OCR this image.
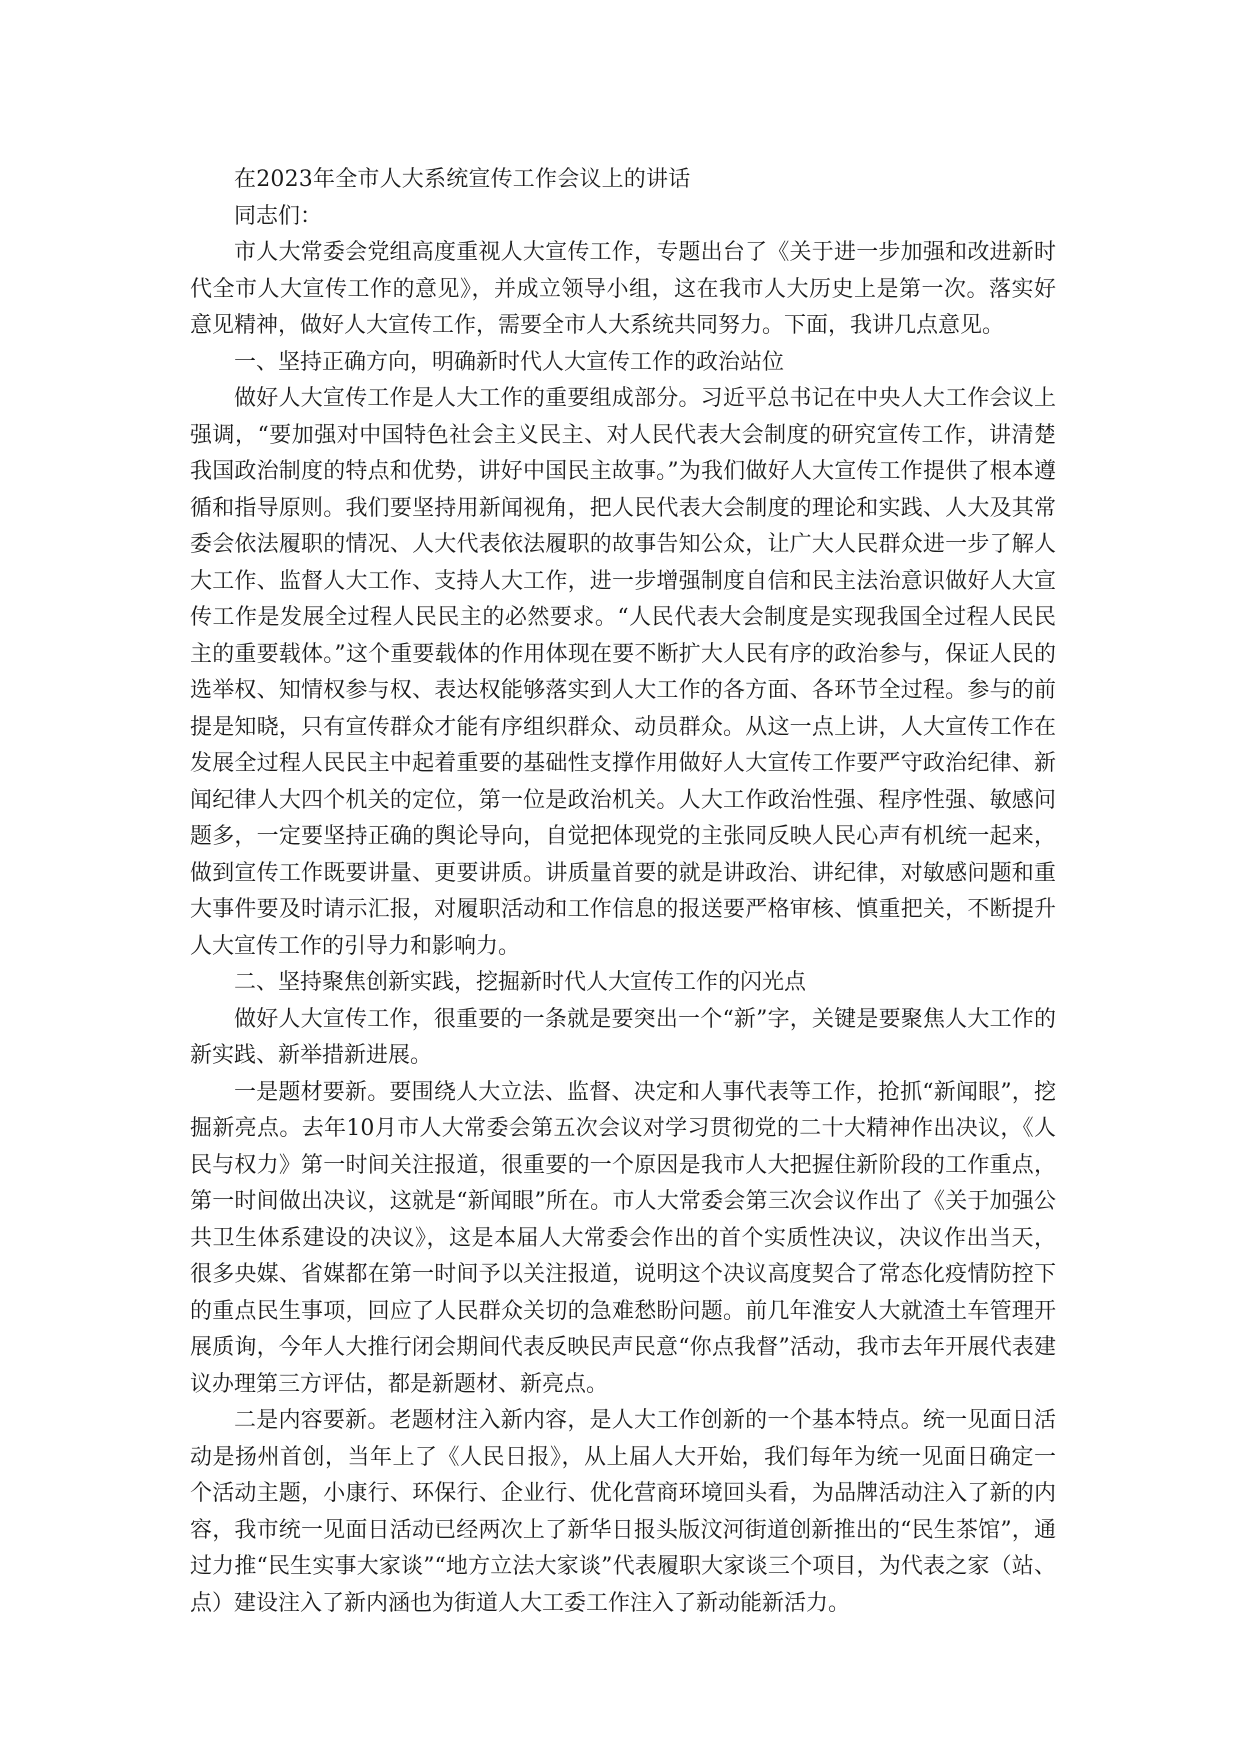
在2023年全市人大系统宣传工作会议上的讲话

同志们：

市人大常委会党组高度重视人大宣传工作，专题出台了《关于进一步加强和改进新时代全市人大宣传工作的意见》，并成立领导小组，这在我市人大历史上是第一次。落实好意见精神，做好人大宣传工作，需要全市人大系统共同努力。下面，我讲几点意见。

一、坚持正确方向，明确新时代人大宣传工作的政治站位

做好人大宣传工作是人大工作的重要组成部分。习近平总书记在中央人大工作会议上强调，“要加强对中国特色社会主义民主、对人民代表大会制度的研究宣传工作，讲清楚我国政治制度的特点和优势，讲好中国民主故事。”为我们做好人大宣传工作提供了根本遵循和指导原则。我们要坚持用新闻视角，把人民代表大会制度的理论和实践、人大及其常委会依法履职的情况、人大代表依法履职的故事告知公众，让广大人民群众进一步了解人大工作、监督人大工作、支持人大工作，进一步增强制度自信和民主法治意识做好人大宣传工作是发展全过程人民民主的必然要求。“人民代表大会制度是实现我国全过程人民民主的重要载体。”这个重要载体的作用体现在要不断扩大人民有序的政治参与，保证人民的选举权、知情权参与权、表达权能够落实到人大工作的各方面、各环节全过程。参与的前提是知晓，只有宣传群众才能有序组织群众、动员群众。从这一点上讲，人大宣传工作在发展全过程人民民主中起着重要的基础性支撑作用做好人大宣传工作要严守政治纪律、新闻纪律人大四个机关的定位，第一位是政治机关。人大工作政治性强、程序性强、敏感问题多，一定要坚持正确的舆论导向，自觉把体现党的主张同反映人民心声有机统一起来，做到宣传工作既要讲量、更要讲质。讲质量首要的就是讲政治、讲纪律，对敏感问题和重大事件要及时请示汇报，对履职活动和工作信息的报送要严格审核、慎重把关，不断提升人大宣传工作的引导力和影响力。

二、坚持聚焦创新实践，挖掘新时代人大宣传工作的闪光点

做好人大宣传工作，很重要的一条就是要突出一个“新”字，关键是要聚焦人大工作的新实践、新举措新进展。

一是题材要新。要围绕人大立法、监督、决定和人事代表等工作，抢抓“新闻眼”，挖掘新亮点。去年10月市人大常委会第五次会议对学习贯彻党的二十大精神作出决议，《人民与权力》第一时间关注报道，很重要的一个原因是我市人大把握住新阶段的工作重点，第一时间做出决议，这就是“新闻眼”所在。市人大常委会第三次会议作出了《关于加强公共卫生体系建设的决议》，这是本届人大常委会作出的首个实质性决议，决议作出当天，很多央媒、省媒都在第一时间予以关注报道，说明这个决议高度契合了常态化疫情防控下的重点民生事项，回应了人民群众关切的急难愁盼问题。前几年淮安人大就渣土车管理开展质询，今年人大推行闭会期间代表反映民声民意“你点我督”活动，我市去年开展代表建议办理第三方评估，都是新题材、新亮点。

二是内容要新。老题材注入新内容，是人大工作创新的一个基本特点。统一见面日活动是扬州首创，当年上了《人民日报》，从上届人大开始，我们每年为统一见面日确定一个活动主题，小康行、环保行、企业行、优化营商环境回头看，为品牌活动注入了新的内容，我市统一见面日活动已经两次上了新华日报头版汶河街道创新推出的“民生茶馆”，通过力推“民生实事大家谈”“地方立法大家谈”代表履职大家谈三个项目，为代表之家（站、点）建设注入了新内涵也为街道人大工委工作注入了新动能新活力。
